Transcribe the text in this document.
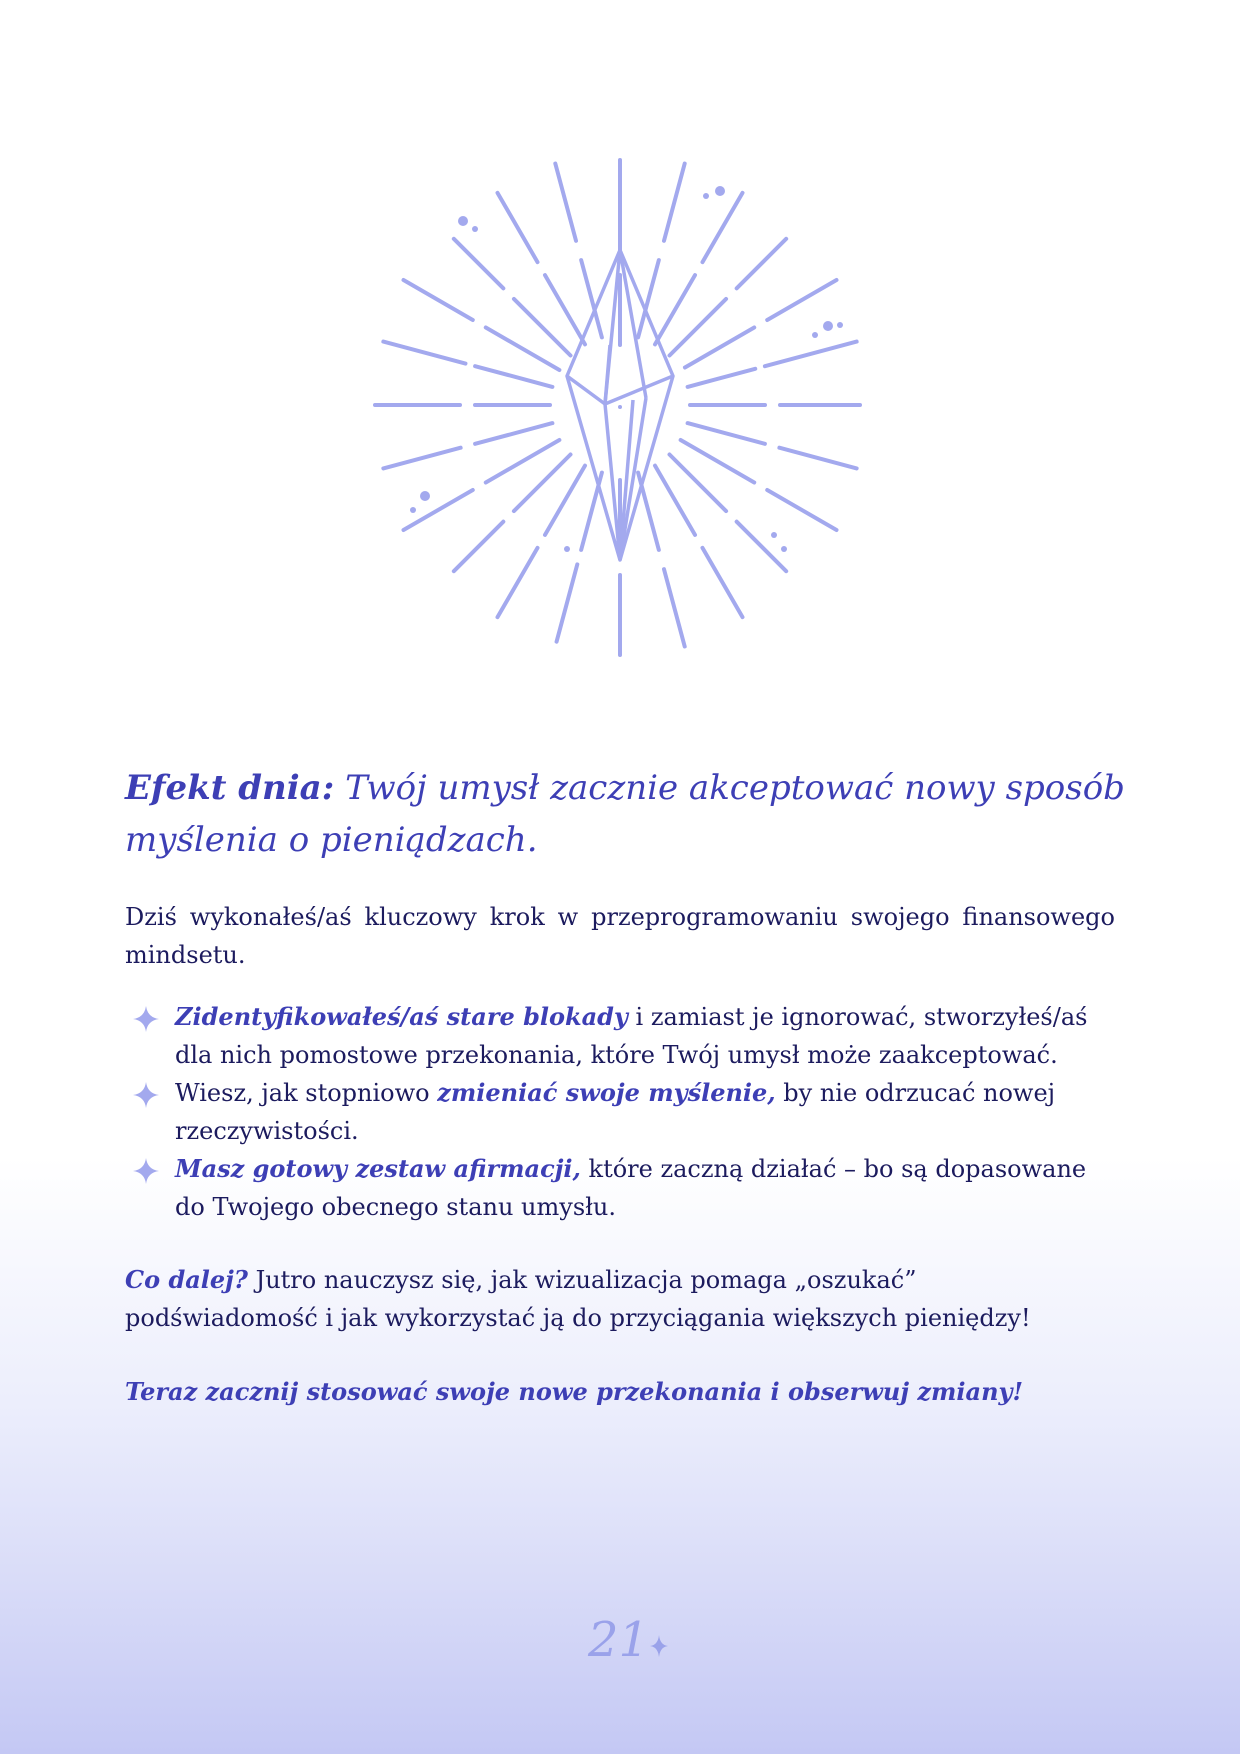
Efekt dnia: Twój umysł zacznie akceptować nowy sposób myślenia o pieniądzach.

Dziś wykonałeś/aś kluczowy krok w przeprogramowaniu swojego finansowego mindsetu.

Zidentyfikowałeś/aś stare blokady i zamiast je ignorować, stworzyłeś/aś dla nich pomostowe przekonania, które Twój umysł może zaakceptować.
Wiesz, jak stopniowo zmieniać swoje myślenie, by nie odrzucać nowej rzeczywistości.
Masz gotowy zestaw afirmacji, które zaczną działać – bo są dopasowane do Twojego obecnego stanu umysłu.

Co dalej? Jutro nauczysz się, jak wizualizacja pomaga „oszukać” podświadomość i jak wykorzystać ją do przyciągania większych pieniędzy!

Teraz zacznij stosować swoje nowe przekonania i obserwuj zmiany!

21
